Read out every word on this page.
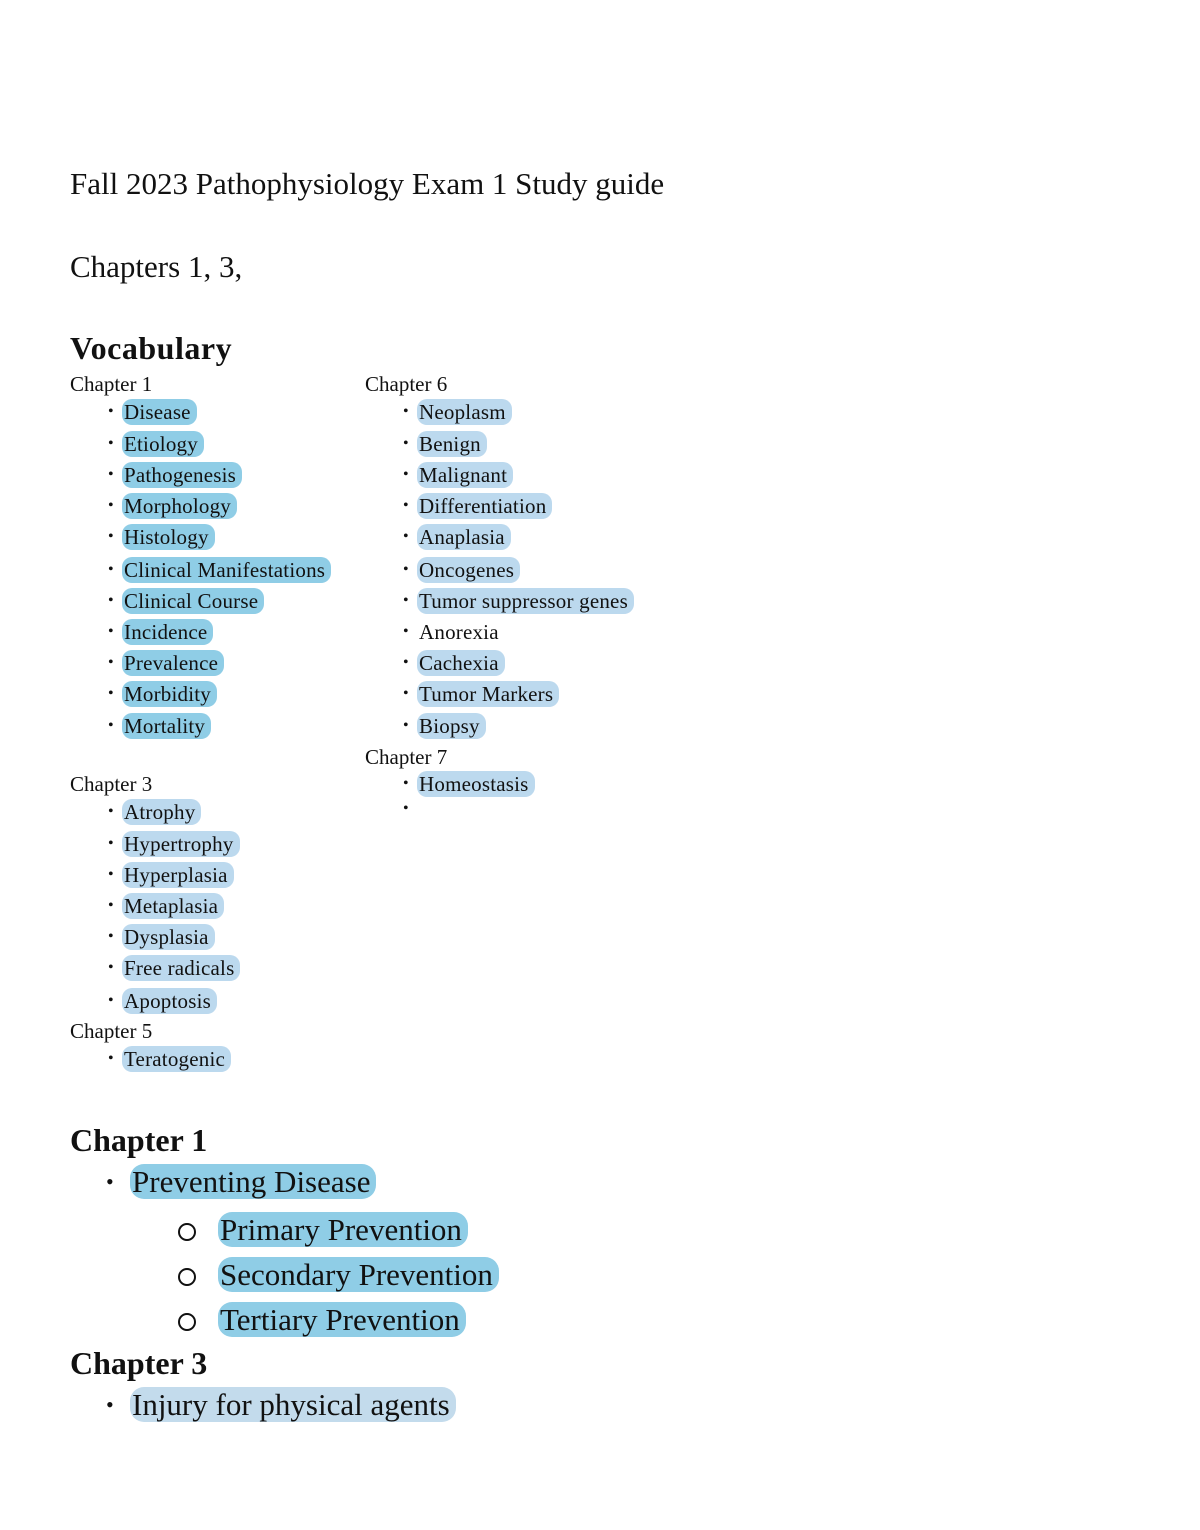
Fall 2023 Pathophysiology Exam 1 Study guide
Chapters 1, 3,
Vocabulary
Chapter 1
• Disease
• Etiology
• Pathogenesis
• Morphology
• Histology
• Clinical Manifestations
• Clinical Course
• Incidence
• Prevalence
• Morbidity
• Mortality
Chapter 3
• Atrophy
• Hypertrophy
• Hyperplasia
• Metaplasia
• Dysplasia
• Free radicals
• Apoptosis
Chapter 5
• Teratogenic
Chapter 6
• Neoplasm
• Benign
• Malignant
• Differentiation
• Anaplasia
• Oncogenes
• Tumor suppressor genes
• Anorexia
• Cachexia
• Tumor Markers
• Biopsy
Chapter 7
• Homeostasis
•
Chapter 1
• Preventing Disease
Primary Prevention
Secondary Prevention
Tertiary Prevention
Chapter 3
• Injury for physical agents
